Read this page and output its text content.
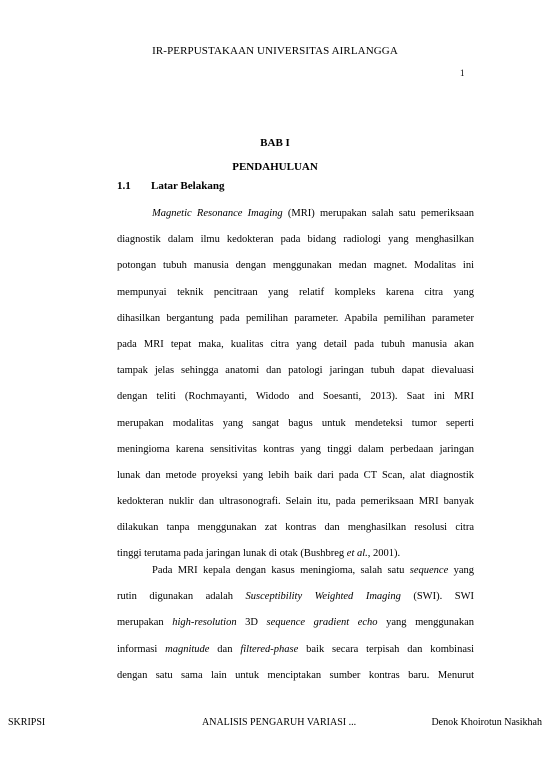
IR-PERPUSTAKAAN UNIVERSITAS AIRLANGGA
1
BAB I
PENDAHULUAN
1.1 Latar Belakang
Magnetic Resonance Imaging (MRI) merupakan salah satu pemeriksaan
diagnostik dalam ilmu kedokteran pada bidang radiologi yang menghasilkan
potongan tubuh manusia dengan menggunakan medan magnet. Modalitas ini
mempunyai teknik pencitraan yang relatif kompleks karena citra yang
dihasilkan bergantung pada pemilihan parameter. Apabila pemilihan parameter
pada MRI tepat maka, kualitas citra yang detail pada tubuh manusia akan
tampak jelas sehingga anatomi dan patologi jaringan tubuh dapat dievaluasi
dengan teliti (Rochmayanti, Widodo and Soesanti, 2013). Saat ini MRI
merupakan modalitas yang sangat bagus untuk mendeteksi tumor seperti
meningioma karena sensitivitas kontras yang tinggi dalam perbedaan jaringan
lunak dan metode proyeksi yang lebih baik dari pada CT Scan, alat diagnostik
kedokteran nuklir dan ultrasonografi. Selain itu, pada pemeriksaan MRI banyak
dilakukan tanpa menggunakan zat kontras dan menghasilkan resolusi citra
tinggi terutama pada jaringan lunak di otak (Bushbreg et al., 2001).
Pada MRI kepala dengan kasus meningioma, salah satu sequence yang
rutin digunakan adalah Susceptibility Weighted Imaging (SWI). SWI
merupakan high-resolution 3D sequence gradient echo yang menggunakan
informasi magnitude dan filtered-phase baik secara terpisah dan kombinasi
dengan satu sama lain untuk menciptakan sumber kontras baru. Menurut
SKRIPSI	ANALISIS PENGARUH VARIASI ...	Denok Khoirotun Nasikhah
